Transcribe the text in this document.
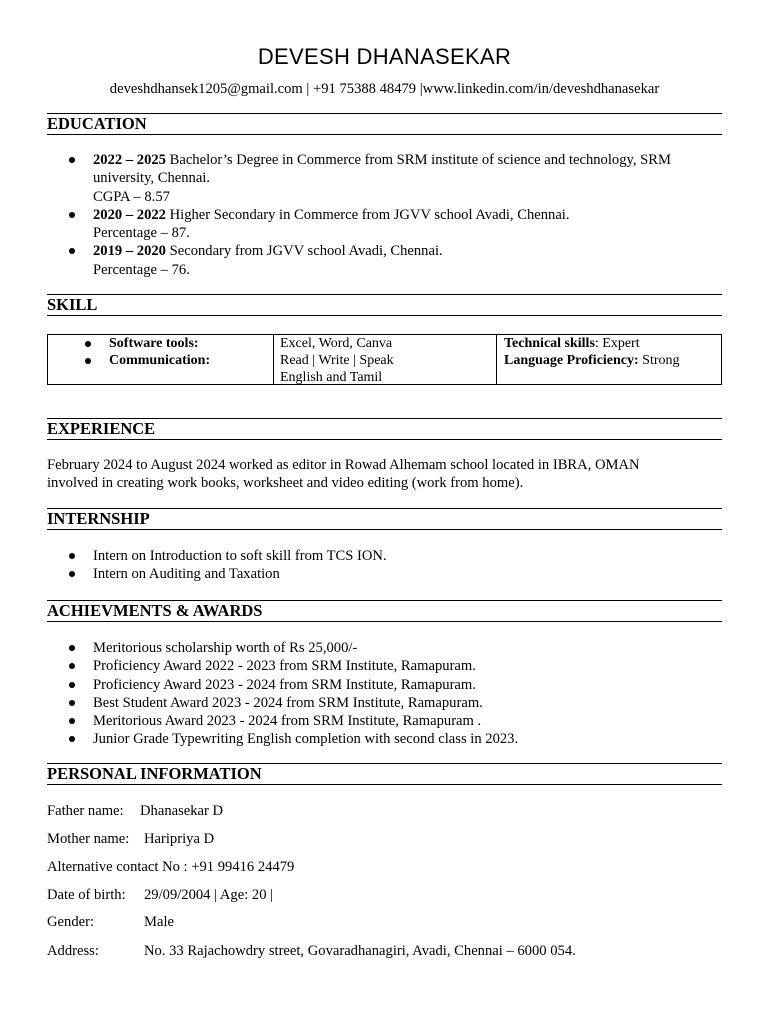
DEVESH DHANASEKAR
deveshdhansek1205@gmail.com | +91 75388 48479 |www.linkedin.com/in/deveshdhanasekar
EDUCATION
2022 – 2025 Bachelor’s Degree in Commerce from SRM institute of science and technology, SRM university, Chennai.
CGPA – 8.57
2020 – 2022 Higher Secondary in Commerce from JGVV school Avadi, Chennai.
Percentage – 87.
2019 – 2020 Secondary from JGVV school Avadi, Chennai.
Percentage – 76.
SKILL
Software tools:
Communication:
Excel, Word, Canva
Read | Write | Speak
English and Tamil
Technical skills: Expert
Language Proficiency: Strong
EXPERIENCE
February 2024 to August 2024 worked as editor in Rowad Alhemam school located in IBRA, OMAN
involved in creating work books, worksheet and video editing (work from home).
INTERNSHIP
Intern on Introduction to soft skill from TCS ION.
Intern on Auditing and Taxation
ACHIEVMENTS & AWARDS
Meritorious scholarship worth of Rs 25,000/-
Proficiency Award 2022 - 2023 from SRM Institute, Ramapuram.
Proficiency Award 2023 - 2024 from SRM Institute, Ramapuram.
Best Student Award 2023 - 2024 from SRM Institute, Ramapuram.
Meritorious Award 2023 - 2024 from SRM Institute, Ramapuram .
Junior Grade Typewriting English completion with second class in 2023.
PERSONAL INFORMATION
Father name: Dhanasekar D
Mother name: Haripriya D
Alternative contact No : +91 99416 24479
Date of birth: 29/09/2004 | Age: 20 |
Gender:	Male
Address:	No. 33 Rajachowdry street, Govaradhanagiri, Avadi, Chennai – 6000 054.
